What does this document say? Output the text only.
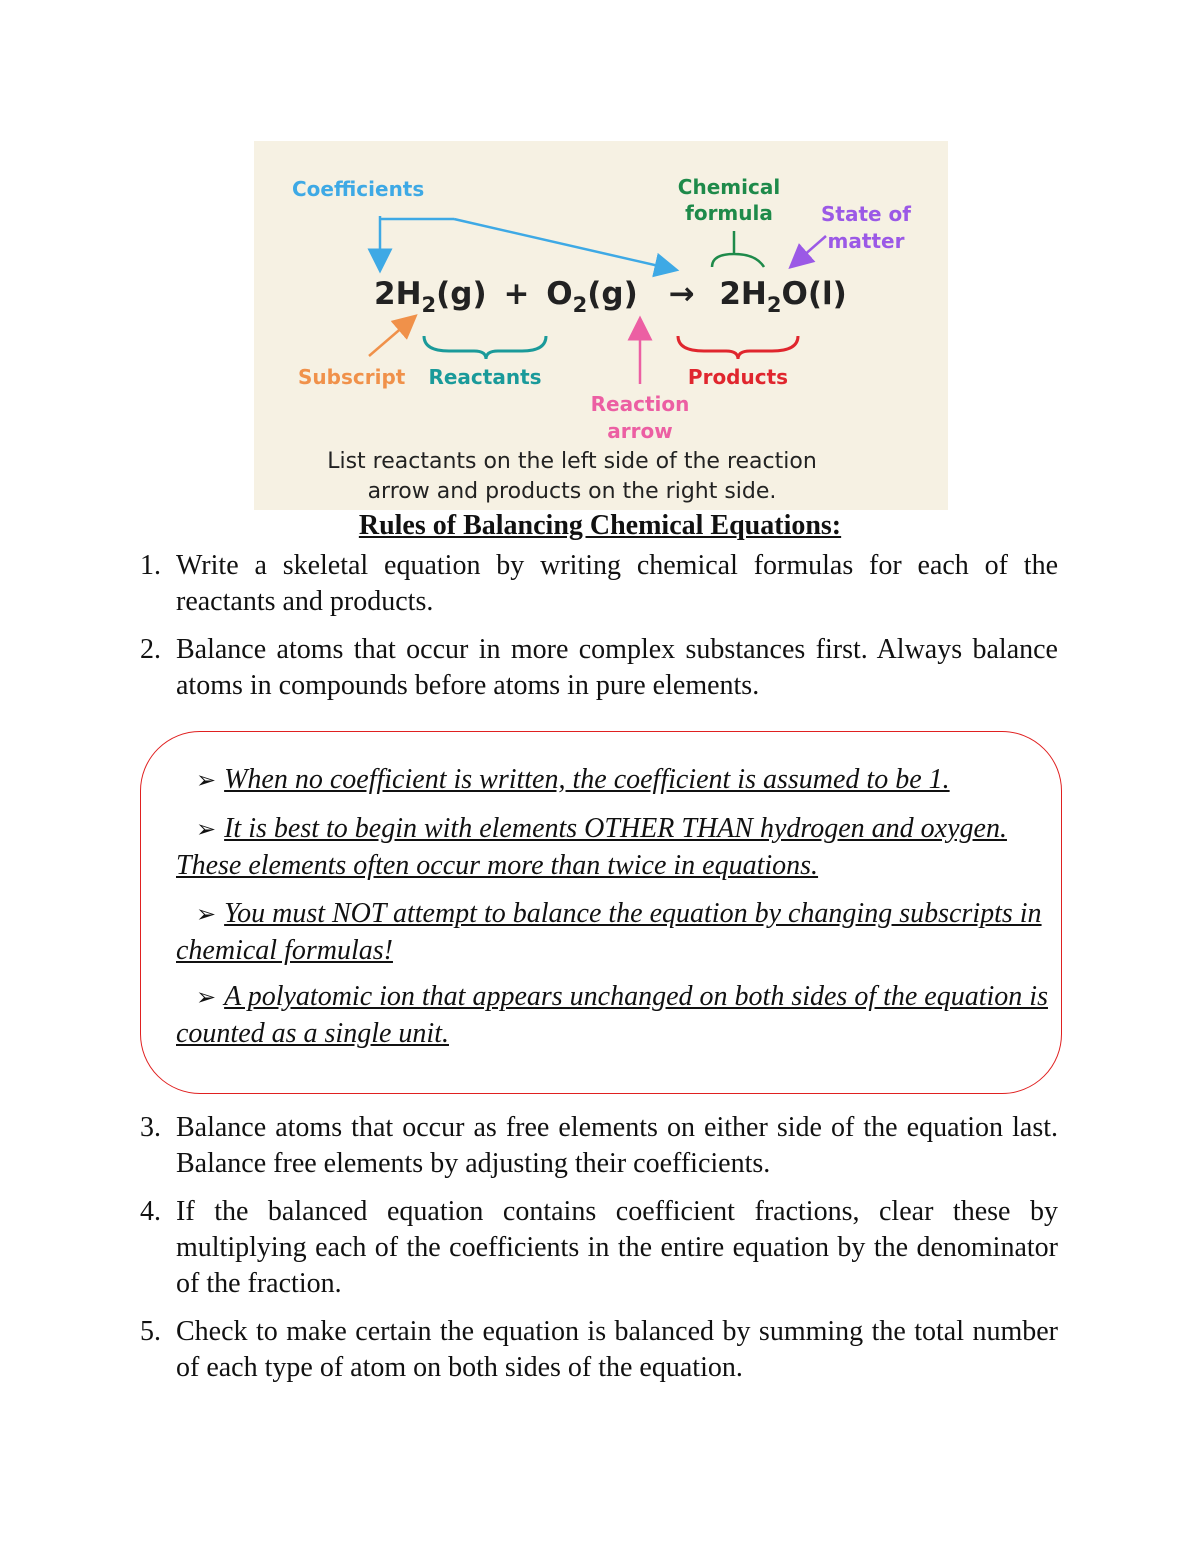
Coefficients	Chemical
formula State of
matter
$2H_2(g) + O_2(g) \to 2H_2O(l)$
Subscript Reactants
Reaction
arrow
Products
List reactants on the left side of the reaction
arrow and products on the right side.
Rules of Balancing Chemical Equations:
1. Write a skeletal equation by writing chemical formulas for each of the reactants and products.
2. Balance atoms that occur in more complex substances first. Always balance atoms in compounds before atoms in pure elements.
➢ When no coefficient is written, the coefficient is assumed to be 1.
➢ It is best to begin with elements OTHER THAN hydrogen and oxygen. These elements often occur more than twice in equations.
➢ You must NOT attempt to balance the equation by changing subscripts in chemical formulas!
➢ A polyatomic ion that appears unchanged on both sides of the equation is counted as a single unit.
3. Balance atoms that occur as free elements on either side of the equation last. Balance free elements by adjusting their coefficients.
4. If the balanced equation contains coefficient fractions, clear these by multiplying each of the coefficients in the entire equation by the denominator of the fraction.
5. Check to make certain the equation is balanced by summing the total number of each type of atom on both sides of the equation.
